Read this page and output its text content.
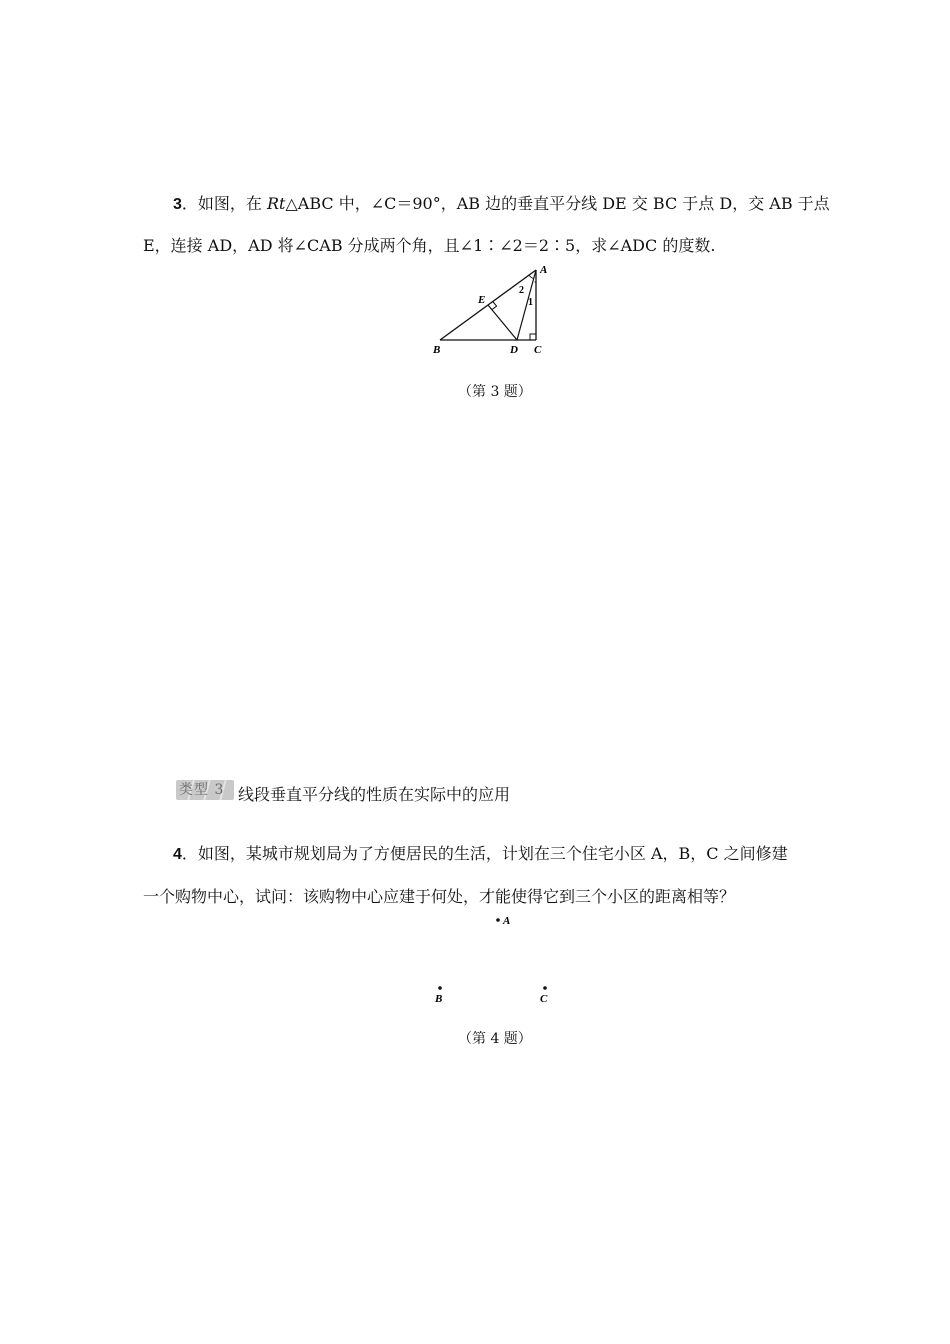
3．如图，在 Rt△ABC 中，∠C＝90°，AB 边的垂直平分线 DE 交 BC 于点 D，交 AB 于点
E，连接 AD，AD 将∠CAB 分成两个角，且∠1∶∠2＝2∶5，求∠ADC 的度数.
A
B	C
D
E
2
1
（第 3 题）
类型 3 线段垂直平分线的性质在实际中的应用
4．如图，某城市规划局为了方便居民的生活，计划在三个住宅小区 A，B，C 之间修建
一个购物中心，试问：该购物中心应建于何处，才能使得它到三个小区的距离相等？
A
B	C
（第 4 题）
